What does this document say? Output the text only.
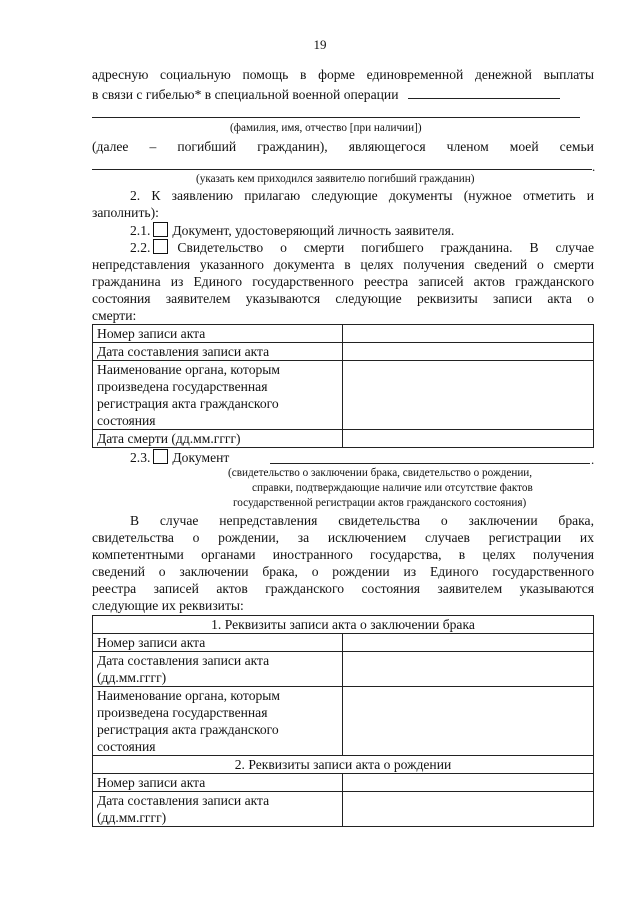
19
адресную социальную помощь в форме единовременной денежной выплаты
в связи с гибелью* в специальной военной операции
(фамилия, имя, отчество [при наличии])
(далее – погибший гражданин), являющегося членом моей семьи
.
(указать кем приходился заявителю погибший гражданин)
2. К заявлению прилагаю следующие документы (нужное отметить и
заполнить):
2.1. Документ, удостоверяющий личность заявителя.
2.2. Свидетельство о смерти погибшего гражданина. В случае
непредставления указанного документа в целях получения сведений о смерти
гражданина из Единого государственного реестра записей актов гражданского
состояния заявителем указываются следующие реквизиты записи акта о
смерти:
Номер записи акта	
Дата составления записи акта	

Наименование органа, которым
произведена государственная
регистрация акта гражданского
состояния	

Дата смерти (дд.мм.гггг)	
2.3. Документ	.
(свидетельство о заключении брака, свидетельство о рождении,
справки, подтверждающие наличие или отсутствие фактов
государственной регистрации актов гражданского состояния)
В случае непредставления свидетельства о заключении брака,
свидетельства о рождении, за исключением случаев регистрации их
компетентными органами иностранного государства, в целях получения
сведений о заключении брака, о рождении из Единого государственного
реестра записей актов гражданского состояния заявителем указываются
следующие их реквизиты:
1. Реквизиты записи акта о заключении брака	
Номер записи акта	

Дата составления записи акта
(дд.мм.гггг)	

Наименование органа, которым
произведена государственная
регистрация акта гражданского
состояния	

2. Реквизиты записи акта о рождении	
Номер записи акта	

Дата составления записи акта
(дд.мм.гггг)	
